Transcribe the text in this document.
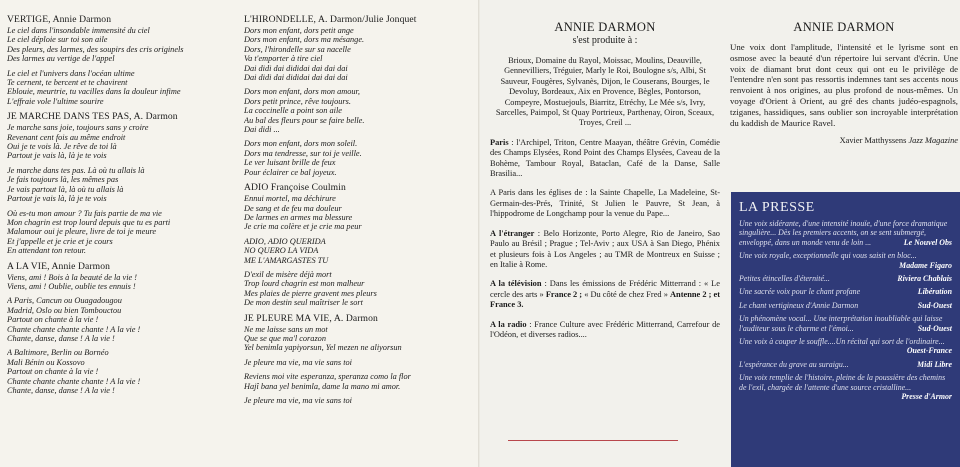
VERTIGE, Annie Darmon
Le ciel dans l'insondable immensité du ciel
Le ciel déploie sur toi son aile
Des pleurs, des larmes, des soupirs des cris originels
Des larmes au vertige de l'appel
Le ciel et l'univers dans l'océan ultime
Te cernent, te bercent et te chavirent
Eblouie, meurtrie, tu vacilles dans la douleur infime
L'effraie vole l'ultime sourire
JE MARCHE DANS TES PAS, A. Darmon
Je marche sans joie, toujours sans y croire
Revenant cent fois au même endroit
Oui je te vois là. Je rêve de toi là
Partout je vais là, là je te vois
Je marche dans tes pas. Là où tu allais là
Je fais toujours là, les mêmes pas
Je vais partout là, là où tu allais là
Partout je vais là, là je te vois
Où es-tu mon amour ? Tu fais partie de ma vie
Mon chagrin est trop lourd depuis que tu es parti
Malamour oui je pleure, livre de toi je meure
Et j'appelle et je crie et je cours
En attendant ton retour.
A LA VIE, Annie Darmon
Viens, ami ! Bois à la beauté de la vie !
Viens, ami ! Oublie, oublie tes ennuis !
A Paris, Cancun ou Ouagadougou
Madrid, Oslo ou bien Tombouctou
Partout on chante à la vie !
Chante chante chante chante ! A la vie !
Chante, danse, danse ! A la vie !
A Baltimore, Berlin ou Bornéo
Mali Bénin ou Kossovo
Partout on chante à la vie !
Chante chante chante chante ! A la vie !
Chante, danse, danse ! A la vie !
L'HIRONDELLE, A. Darmon/Julie Jonquet
Dors mon enfant, dors petit ange
Dors mon enfant, dors ma mésange.
Dors, l'hirondelle sur sa nacelle
Va t'emporter à tire ciel
Dai didi dai dididai dai dai dai
Dai didi dai dididai dai dai dai
Dors mon enfant, dors mon amour,
Dors petit prince, rêve toujours.
La coccinelle a point son aile
Au bal des fleurs pour se faire belle.
Dai didi ...
Dors mon enfant, dors mon soleil.
Dors ma tendresse, sur toi je veille.
Le ver luisant brille de feux
Pour éclairer ce bal joyeux.
ADIO Françoise Coulmin
Ennui mortel, ma déchirure
De sang et de feu ma douleur
De larmes en armes ma blessure
Je crie ma colère et je crie ma peur
ADIO, ADIO QUERIDA
NO QUERO LA VIDA
ME L'AMARGASTES TU
D'exil de misère déjà mort
Trop lourd chagrin est mon malheur
Mes plaies de pierre gravent mes pleurs
De mon destin seul maîtriser le sort
JE PLEURE MA VIE, A. Darmon
Ne me laisse sans un mot
Que se que ma'l corazon
Yel benimla yapiyorsun, Yel mezen ne aliyorsun
Je pleure ma vie, ma vie sans toi
Reviens moi vite esperanza, speranza como la flor
Hajî bana yel benimla, dame la mano mi amor.
Je pleure ma vie, ma vie sans toi
ANNIE DARMON
s'est produite à :
Brioux, Domaine du Rayol, Moissac, Moulins, Deauville, Gennevilliers, Tréguier, Marly le Roi, Boulogne s/s, Albi, St Sauveur, Fougères, Sylvanès, Dijon, le Couserans, Bourges, le Devoluy, Bordeaux, Aix en Provence, Bègles, Pontorson, Compeyre, Mostuejouls, Biarritz, Etréchy, Le Mée s/s, Ivry, Sarcelles, Paimpol, St Quay Portrieux, Parthenay, Oiron, Sceaux, Troyes, Creil ...
Paris : l'Archipel, Triton, Centre Maayan, théâtre Grévin, Comédie des Champs Elysées, Rond Point des Champs Elysées, Caveau de la Bohème, Tambour Royal, Bataclan, Café de la Danse, Salle Brasilia...
A Paris dans les églises de : la Sainte Chapelle, La Madeleine, St-Germain-des-Prés, Trinité, St Julien le Pauvre, St Jean, à l'hippodrome de Longchamp pour la venue du Pape...
A l'étranger : Belo Horizonte, Porto Alegre, Rio de Janeiro, Sao Paulo au Brésil ; Prague ; Tel-Aviv ; aux USA à San Diego, Phénix et plusieurs fois à Los Angeles ; au TMR de Montreux en Suisse ; en Italie à Rome.
A la télévision : Dans les émissions de Frédéric Mitterrand : « Le cercle des arts » France 2 ; « Du côté de chez Fred » Antenne 2 ; et France 3.
A la radio : France Culture avec Frédéric Mitterrand, Carrefour de l'Odéon, et diverses radios....
ANNIE DARMON
Une voix dont l'amplitude, l'intensité et le lyrisme sont en osmose avec la beauté d'un répertoire lui servant d'écrin. Une voix de diamant brut dont ceux qui ont eu le privilège de l'entendre n'en sont pas ressortis indemnes tant ses accents nous renvoient à nos origines, au plus profond de nous-mêmes. Un voyage d'Orient à Orient, au gré des chants judéo-espagnols, tziganes, hassidiques, sans oublier son incroyable interprétation du kaddish de Maurice Ravel.
Xavier Matthyssens Jazz Magazine
LA PRESSE
Une voix sidérante, d'une intensité inouïe, d'une force dramatique singulière... Dès les premiers accents, on se sent submergé, enveloppé, dans un monde venu de loin ...	Le Nouvel Obs
Une voix royale, exceptionnelle qui vous saisit en bloc...
Madame Figaro
Petites étincelles d'éternité...	Riviera Chablais
Une sacrée voix pour le chant profane	Libération
Le chant vertigineux d'Annie Darmon	Sud-Ouest
Un phénomène vocal... Une interprétation inoubliable qui laisse l'auditeur sous le charme et l'émoi...	Sud-Ouest
Une voix à couper le souffle....Un récital qui sort de l'ordinaire...
Ouest-France
L'espérance du grave au suraigu...	Midi Libre
Une voix remplie de l'histoire, pleine de la poussière des chemins de l'exil, chargée de l'attente d'une source cristalline...
Presse d'Armor
